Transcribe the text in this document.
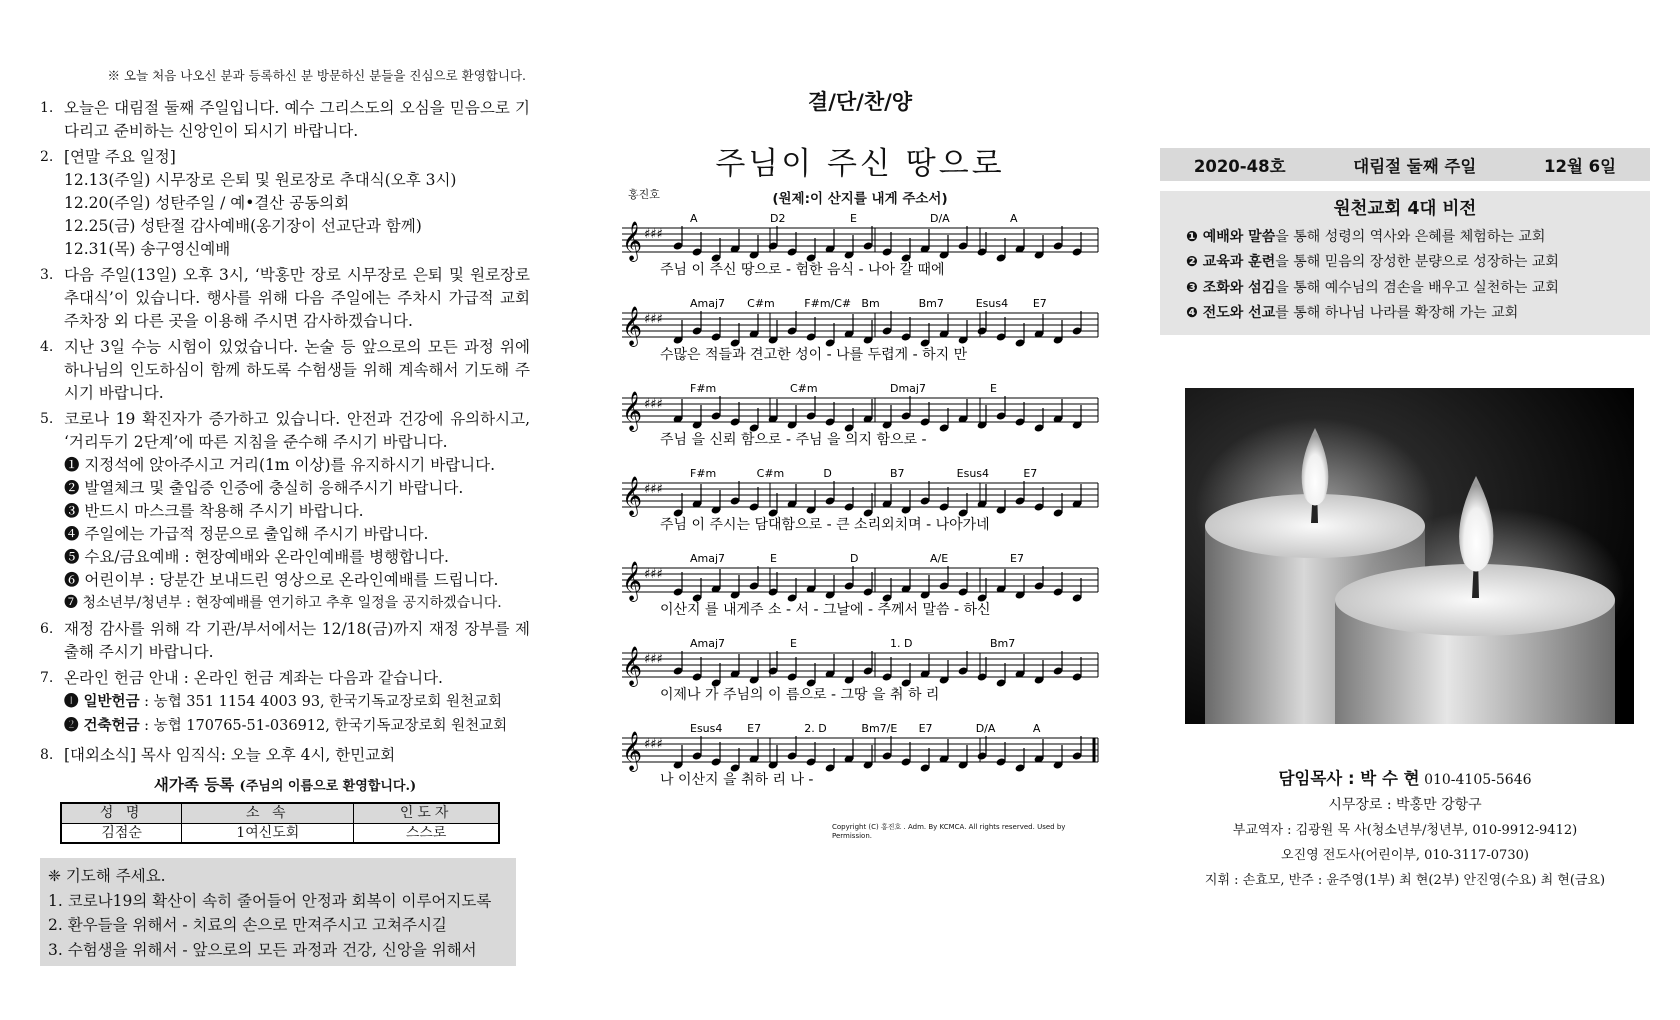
※ 오늘 처음 나오신 분과 등록하신 분 방문하신 분들을 진심으로 환영합니다.
1. 오늘은 대림절 둘째 주일입니다. 예수 그리스도의 오심을 믿음으로 기다리고 준비하는 신앙인이 되시기 바랍니다.
2. [연말 주요 일정]
12.13(주일) 시무장로 은퇴 및 원로장로 추대식(오후 3시)
12.20(주일) 성탄주일 / 예•결산 공동의회
12.25(금) 성탄절 감사예배(옹기장이 선교단과 함께)
12.31(목) 송구영신예배
3. 다음 주일(13일) 오후 3시, ‘박홍만 장로 시무장로 은퇴 및 원로장로 추대식’이 있습니다. 행사를 위해 다음 주일에는 주차시 가급적 교회 주차장 외 다른 곳을 이용해 주시면 감사하겠습니다.
4. 지난 3일 수능 시험이 있었습니다. 논술 등 앞으로의 모든 과정 위에 하나님의 인도하심이 함께 하도록 수험생들 위해 계속해서 기도해 주시기 바랍니다.
5. 코로나 19 확진자가 증가하고 있습니다. 안전과 건강에 유의하시고, ‘거리두기 2단계’에 따른 지침을 준수해 주시기 바랍니다.
❶ 지정석에 앉아주시고 거리(1m 이상)를 유지하시기 바랍니다.
❷ 발열체크 및 출입증 인증에 충실히 응해주시기 바랍니다.
❸ 반드시 마스크를 착용해 주시기 바랍니다.
❹ 주일에는 가급적 정문으로 출입해 주시기 바랍니다.
❺ 수요/금요예배 : 현장예배와 온라인예배를 병행합니다.
❻ 어린이부 : 당분간 보내드린 영상으로 온라인예배를 드립니다.
❼ 청소년부/청년부 : 현장예배를 연기하고 추후 일정을 공지하겠습니다.
6. 재정 감사를 위해 각 기관/부서에서는 12/18(금)까지 재정 장부를 제출해 주시기 바랍니다.
7. 온라인 헌금 안내 : 온라인 헌금 계좌는 다음과 같습니다.
❶ 일반헌금 : 농협 351 1154 4003 93, 한국기독교장로회 원천교회
❷ 건축헌금 : 농협 170765-51-036912, 한국기독교장로회 원천교회
8. [대외소식] 목사 임직식: 오늘 오후 4시, 한민교회
새가족 등록 (주님의 이름으로 환영합니다.)
성 명	소 속	인도자
김점순	1여신도회	스스로
❈ 기도해 주세요.
1. 코로나19의 확산이 속히 줄어들어 안정과 회복이 이루어지도록
2. 환우들을 위해서 - 치료의 손으로 만져주시고 고쳐주시길
3. 수험생을 위해서 - 앞으로의 모든 과정과 건강, 신앙을 위해서
결/단/찬/양
주님이 주신 땅으로
(원제:이 산지를 내게 주소서)
홍진호
𝄞 ♯♯♯
A	D2	E	D/A	A
주님 이 주신 땅으로 - 험한 음식 - 나아 갈 때에
𝄞 ♯♯♯
Amaj7 C#m	F#m/C# Bm	Bm7	Esus4 E7
수많은 적들과 견고한 성이 - 나를 두렵게 - 하지 만
𝄞 ♯♯♯
F#m	C#m	Dmaj7	E
주님 을 신뢰 함으로 - 주님 을 의지 함으로 -
𝄞 ♯♯♯
F#m	C#m	D	B7	Esus4	E7
주님 이 주시는 담대함으로 - 큰 소리외치며 - 나아가네
𝄞 ♯♯♯
Amaj7	E	D	A/E	E7
이산지 를 내게주 소 - 서 - 그날에 - 주께서 말씀 - 하신
𝄞 ♯♯♯
Amaj7	E	1. D	Bm7
이제나 가 주님의 이 름으로 - 그땅 을 취 하 리
𝄞 ♯♯♯
Esus4 E7	2. D	Bm7/E E7	D/A	A
나 이산지 을 취하 리 나 -
Copyright (C) 홍진호 . Adm. By KCMCA. All rights reserved. Used by Permission.
2020-48호	대림절 둘째 주일	12월 6일
원천교회 4대 비전
❶ 예배와 말씀을 통해 성령의 역사와 은혜를 체험하는 교회
❷ 교육과 훈련을 통해 믿음의 장성한 분량으로 성장하는 교회
❸ 조화와 섬김을 통해 예수님의 겸손을 배우고 실천하는 교회
❹ 전도와 선교를 통해 하나님 나라를 확장해 가는 교회
담임목사 : 박 수 현 010-4105-5646
시무장로 : 박홍만 강항구
부교역자 : 김광원 목 사(청소년부/청년부, 010-9912-9412)
오진영 전도사(어린이부, 010-3117-0730)
지휘 : 손효모, 반주 : 윤주영(1부) 최 현(2부) 안진영(수요) 최 현(금요)
